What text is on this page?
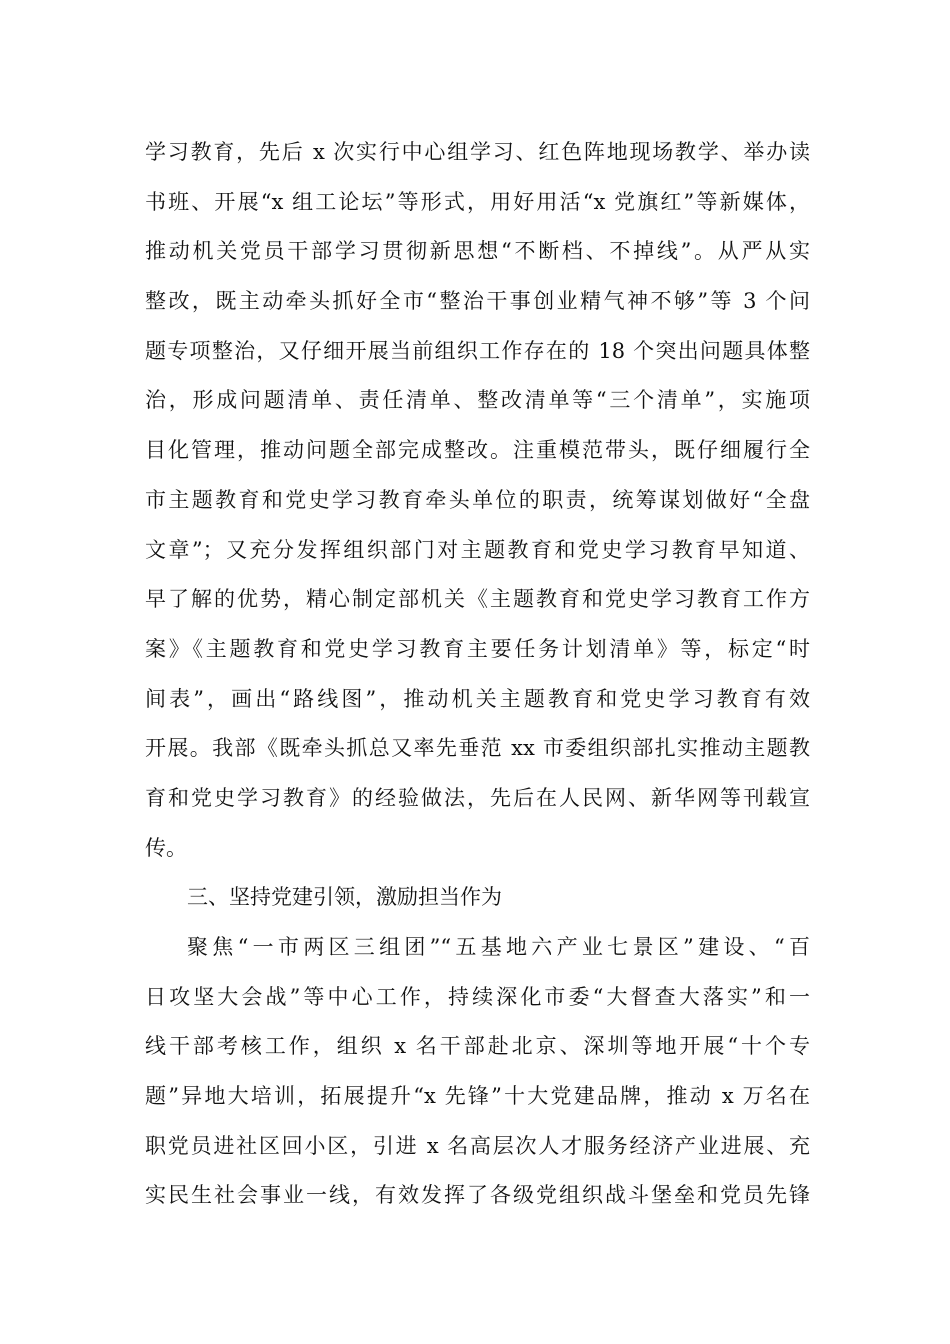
学习教育，先后 x 次实行中心组学习、红色阵地现场教学、举办读
书班、开展“x 组工论坛”等形式，用好用活“x 党旗红”等新媒体，
推动机关党员干部学习贯彻新思想“不断档、不掉线”。从严从实
整改，既主动牵头抓好全市“整治干事创业精气神不够”等 3 个问
题专项整治，又仔细开展当前组织工作存在的 18 个突出问题具体整
治，形成问题清单、责任清单、整改清单等“三个清单”，实施项
目化管理，推动问题全部完成整改。注重模范带头，既仔细履行全
市主题教育和党史学习教育牵头单位的职责，统筹谋划做好“全盘
文章”；又充分发挥组织部门对主题教育和党史学习教育早知道、
早了解的优势，精心制定部机关《主题教育和党史学习教育工作方
案》《主题教育和党史学习教育主要任务计划清单》等，标定“时
间表”，画出“路线图”，推动机关主题教育和党史学习教育有效
开展。我部《既牵头抓总又率先垂范 xx 市委组织部扎实推动主题教
育和党史学习教育》的经验做法，先后在人民网、新华网等刊载宣
传。
三、坚持党建引领，激励担当作为
聚焦“一市两区三组团”“五基地六产业七景区”建设、“百
日攻坚大会战”等中心工作，持续深化市委“大督查大落实”和一
线干部考核工作，组织 x 名干部赴北京、深圳等地开展“十个专
题”异地大培训，拓展提升“x 先锋”十大党建品牌，推动 x 万名在
职党员进社区回小区，引进 x 名高层次人才服务经济产业进展、充
实民生社会事业一线，有效发挥了各级党组织战斗堡垒和党员先锋
